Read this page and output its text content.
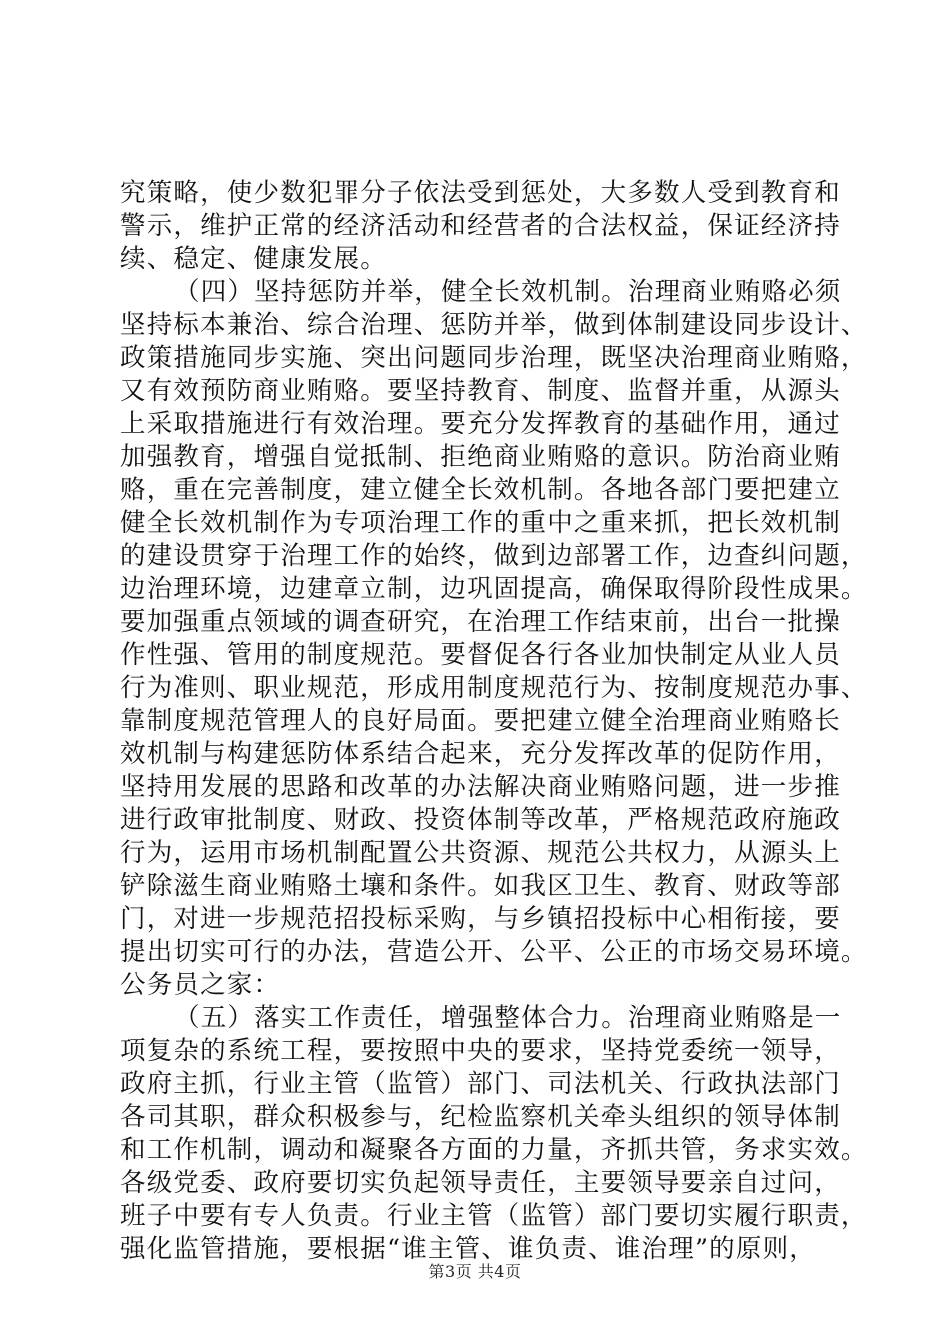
究策略，使少数犯罪分子依法受到惩处，大多数人受到教育和
警示，维护正常的经济活动和经营者的合法权益，保证经济持
续、稳定、健康发展。
（四）坚持惩防并举，健全长效机制。治理商业贿赂必须
坚持标本兼治、综合治理、惩防并举，做到体制建设同步设计、
政策措施同步实施、突出问题同步治理，既坚决治理商业贿赂，
又有效预防商业贿赂。要坚持教育、制度、监督并重，从源头
上采取措施进行有效治理。要充分发挥教育的基础作用，通过
加强教育，增强自觉抵制、拒绝商业贿赂的意识。防治商业贿
赂，重在完善制度，建立健全长效机制。各地各部门要把建立
健全长效机制作为专项治理工作的重中之重来抓，把长效机制
的建设贯穿于治理工作的始终，做到边部署工作，边查纠问题，
边治理环境，边建章立制，边巩固提高，确保取得阶段性成果。
要加强重点领域的调查研究，在治理工作结束前，出台一批操
作性强、管用的制度规范。要督促各行各业加快制定从业人员
行为准则、职业规范，形成用制度规范行为、按制度规范办事、
靠制度规范管理人的良好局面。要把建立健全治理商业贿赂长
效机制与构建惩防体系结合起来，充分发挥改革的促防作用，
坚持用发展的思路和改革的办法解决商业贿赂问题，进一步推
进行政审批制度、财政、投资体制等改革，严格规范政府施政
行为，运用市场机制配置公共资源、规范公共权力，从源头上
铲除滋生商业贿赂土壤和条件。如我区卫生、教育、财政等部
门，对进一步规范招投标采购，与乡镇招投标中心相衔接，要
提出切实可行的办法，营造公开、公平、公正的市场交易环境。
公务员之家：
（五）落实工作责任，增强整体合力。治理商业贿赂是一
项复杂的系统工程，要按照中央的要求，坚持党委统一领导，
政府主抓，行业主管（监管）部门、司法机关、行政执法部门
各司其职，群众积极参与，纪检监察机关牵头组织的领导体制
和工作机制，调动和凝聚各方面的力量，齐抓共管，务求实效。
各级党委、政府要切实负起领导责任，主要领导要亲自过问，
班子中要有专人负责。行业主管（监管）部门要切实履行职责，
强化监管措施，要根据“谁主管、谁负责、谁治理”的原则，
第3页 共4页
